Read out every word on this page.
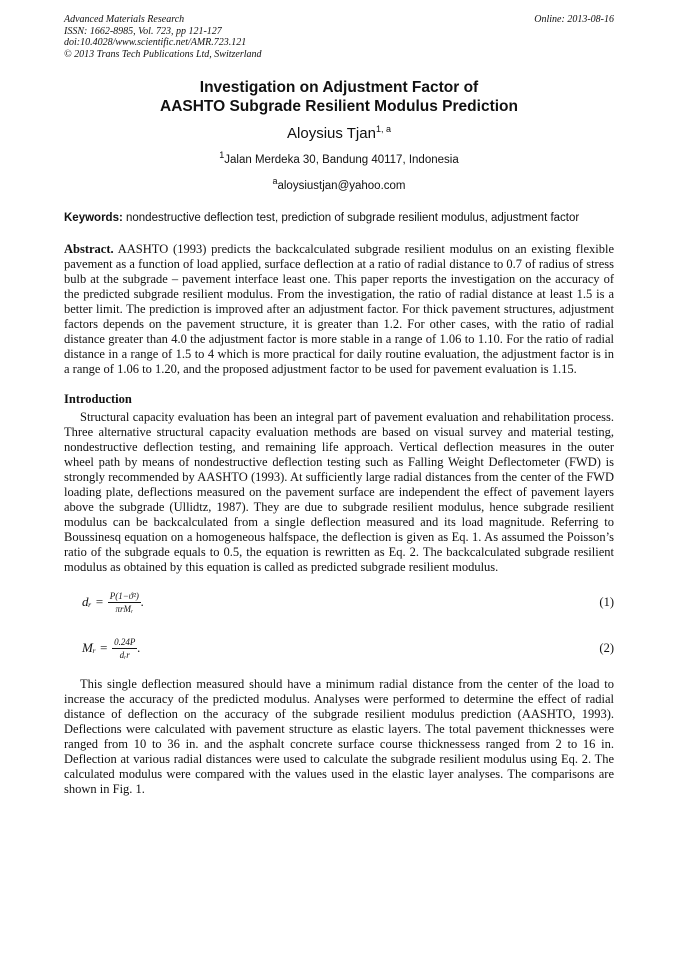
Advanced Materials Research
ISSN: 1662-8985, Vol. 723, pp 121-127
doi:10.4028/www.scientific.net/AMR.723.121
© 2013 Trans Tech Publications Ltd, Switzerland
Online: 2013-08-16
Investigation on Adjustment Factor of
AASHTO Subgrade Resilient Modulus Prediction
Aloysius Tjan$^{1, a}$
$^1$Jalan Merdeka 30, Bandung 40117, Indonesia
$^a$aloysiustjan@yahoo.com
Keywords: nondestructive deflection test, prediction of subgrade resilient modulus, adjustment factor
Abstract. AASHTO (1993) predicts the backcalculated subgrade resilient modulus on an existing flexible pavement as a function of load applied, surface deflection at a ratio of radial distance to 0.7 of radius of stress bulb at the subgrade – pavement interface least one. This paper reports the investigation on the accuracy of the predicted subgrade resilient modulus. From the investigation, the ratio of radial distance at least 1.5 is a better limit. The prediction is improved after an adjustment factor. For thick pavement structures, adjustment factors depends on the pavement structure, it is greater than 1.2. For other cases, with the ratio of radial distance greater than 4.0 the adjustment factor is more stable in a range of 1.06 to 1.10. For the ratio of radial distance in a range of 1.5 to 4 which is more practical for daily routine evaluation, the adjustment factor is in a range of 1.06 to 1.20, and the proposed adjustment factor to be used for pavement evaluation is 1.15.
Introduction
Structural capacity evaluation has been an integral part of pavement evaluation and rehabilitation process. Three alternative structural capacity evaluation methods are based on visual survey and material testing, nondestructive deflection testing, and remaining life approach. Vertical deflection measures in the outer wheel path by means of nondestructive deflection testing such as Falling Weight Deflectometer (FWD) is strongly recommended by AASHTO (1993). At sufficiently large radial distances from the center of the FWD loading plate, deflections measured on the pavement surface are independent the effect of pavement layers above the subgrade (Ullidtz, 1987). They are due to subgrade resilient modulus, hence subgrade resilient modulus can be backcalculated from a single deflection measured and its load magnitude. Referring to Boussinesq equation on a homogeneous halfspace, the deflection is given as Eq. 1. As assumed the Poisson’s ratio of the subgrade equals to 0.5, the equation is rewritten as Eq. 2. The backcalculated subgrade resilient modulus as obtained by this equation is called as predicted subgrade resilient modulus.
dᵣ = $\frac{\text{P(1−ϑ²)}}{\text{πrMᵣ}}$ .	(1)
Mᵣ = $\frac{0.24P}{\text{dᵣr}}$ .	(2)
This single deflection measured should have a minimum radial distance from the center of the load to increase the accuracy of the predicted modulus. Analyses were performed to determine the effect of radial distance of deflection on the accuracy of the subgrade resilient modulus prediction (AASHTO, 1993). Deflections were calculated with pavement structure as elastic layers. The total pavement thicknesses were ranged from 10 to 36 in. and the asphalt concrete surface course thicknessess ranged from 2 to 16 in. Deflection at various radial distances were used to calculate the subgrade resilient modulus using Eq. 2. The calculated modulus were compared with the values used in the elastic layer analyses. The comparisons are shown in Fig. 1.
